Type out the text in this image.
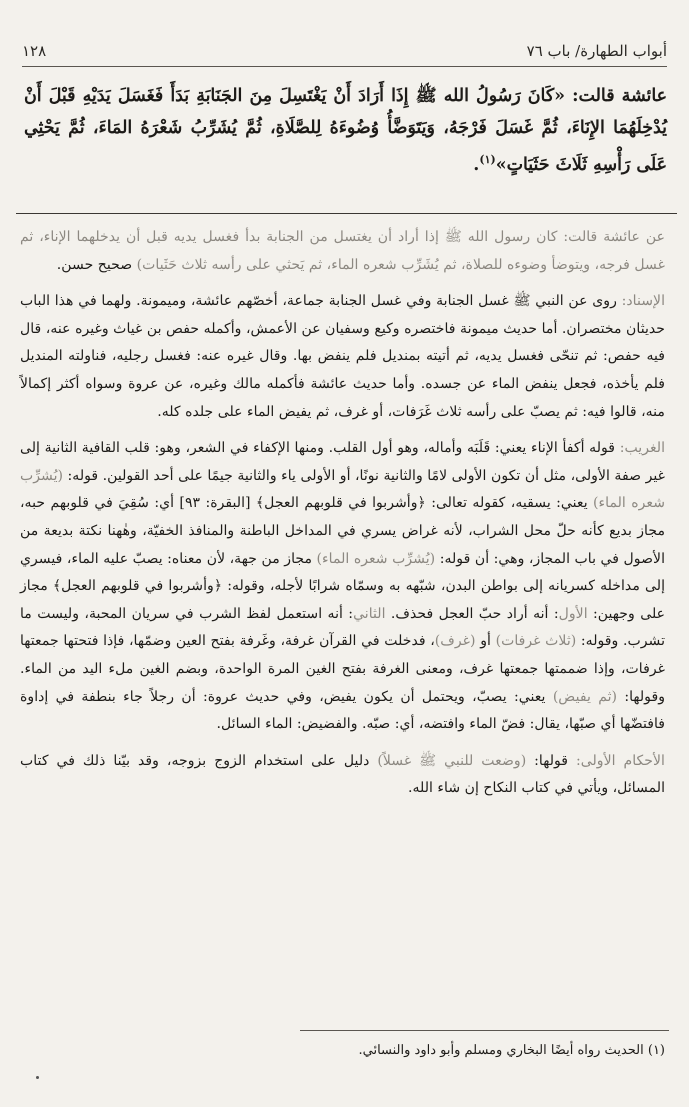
أبواب الطهارة/ باب ٧٦
١٢٨
عائشة قالت: «كَانَ رَسُولُ الله ﷺ إِذَا أَرَادَ أَنْ يَغْتَسِلَ مِنَ الجَنَابَةِ بَدَأَ فَغَسَلَ يَدَيْهِ قَبْلَ أَنْ يُدْخِلَهُمَا الإِنَاءَ، ثُمَّ غَسَلَ فَرْجَهُ، وَيَتَوَضَّأُ وُضُوءَهُ لِلصَّلَاةِ، ثُمَّ يُشَرِّبُ شَعْرَهُ المَاءَ، ثُمَّ يَحْثِي عَلَى رَأْسِهِ ثَلَاثَ حَثَيَاتٍ»$^{(١)}$.

عن عائشة قالت: كان رسول الله ﷺ إذا أراد أن يغتسل من الجنابة بدأ فغسل يديه قبل أن يدخلهما الإناء، ثم غسل فرجه، ويتوضأ وضوءه للصلاة، ثم يُشَرِّب شعره الماء، ثم يَحثي على رأسه ثلاث حَثَيات) صحيح حسن.

الإسناد: روى عن النبي ﷺ غسل الجنابة وفي غسل الجنابة جماعة، أخصّهم عائشة، وميمونة. ولهما في هذا الباب حديثان مختصران. أما حديث ميمونة فاختصره وكيع وسفيان عن الأعمش، وأكمله حفص بن غياث وغيره عنه، قال فيه حفص: ثم تنحّى فغسل يديه، ثم أتيته بمنديل فلم ينفض بها. وقال غيره عنه: فغسل رجليه، فناولته المنديل فلم يأخذه، فجعل ينفض الماء عن جسده. وأما حديث عائشة فأكمله مالك وغيره، عن عروة وسواه أكثر إكمالاً منه، قالوا فيه: ثم يصبّ على رأسه ثلاث غَرَفات، أو غرف، ثم يفيض الماء على جلده كله.

الغريب: قوله أكفأ الإناء يعني: قَلَبَه وأماله، وهو أول القلب. ومنها الإكفاء في الشعر، وهو: قلب القافية الثانية إلى غير صفة الأولى، مثل أن تكون الأولى لامًا والثانية نونًا، أو الأولى ياء والثانية جيمًا على أحد القولين. قوله: (يُشرِّب شعره الماء) يعني: يسقيه، كقوله تعالى: ﴿وأشربوا في قلوبهم العجل﴾ [البقرة: ٩٣] أي: سُقِيَ في قلوبهم حبه، مجاز بديع كأنه حلّ محل الشراب، لأنه غراض يسري في المداخل الباطنة والمنافذ الخفيّة، وهٰهنا نكتة بديعة من الأصول في باب المجاز، وهي: أن قوله: (يُشرِّب شعره الماء) مجاز من جهة، لأن معناه: يصبّ عليه الماء، فيسري إلى مداخله كسريانه إلى بواطن البدن، شبّهه به وسمّاه شرابًا لأجله، وقوله: ﴿وأشربوا في قلوبهم العجل﴾ مجاز على وجهين: الأول: أنه أراد حبّ العجل فحذف. الثاني: أنه استعمل لفظ الشرب في سريان المحبة، وليست ما تشرب. وقوله: (ثلاث غرفات) أو (غرف)، فدخلت في القرآن غرفة، وغَرفة بفتح العين وضمّها، فإذا فتحتها جمعتها غرفات، وإذا ضممتها جمعتها غرف، ومعنى الغرفة بفتح الغين المرة الواحدة، وبضم الغين ملء اليد من الماء. وقولها: (ثم يفيض) يعني: يصبّ، ويحتمل أن يكون يفيض، وفي حديث عروة: أن رجلاً جاء بنطفة في إداوة فافتضّها أي صبّها، يقال: فضّ الماء وافتضه، أي: صبّه. والفضيض: الماء السائل.

الأحكام الأولى: قولها: (وضعت للنبي ﷺ غسلاً) دليل على استخدام الزوج بزوجه، وقد بيّنا ذلك في كتاب المسائل، ويأتي في كتاب النكاح إن شاء الله.

(١) الحديث رواه أيضًا البخاري ومسلم وأبو داود والنسائي.
